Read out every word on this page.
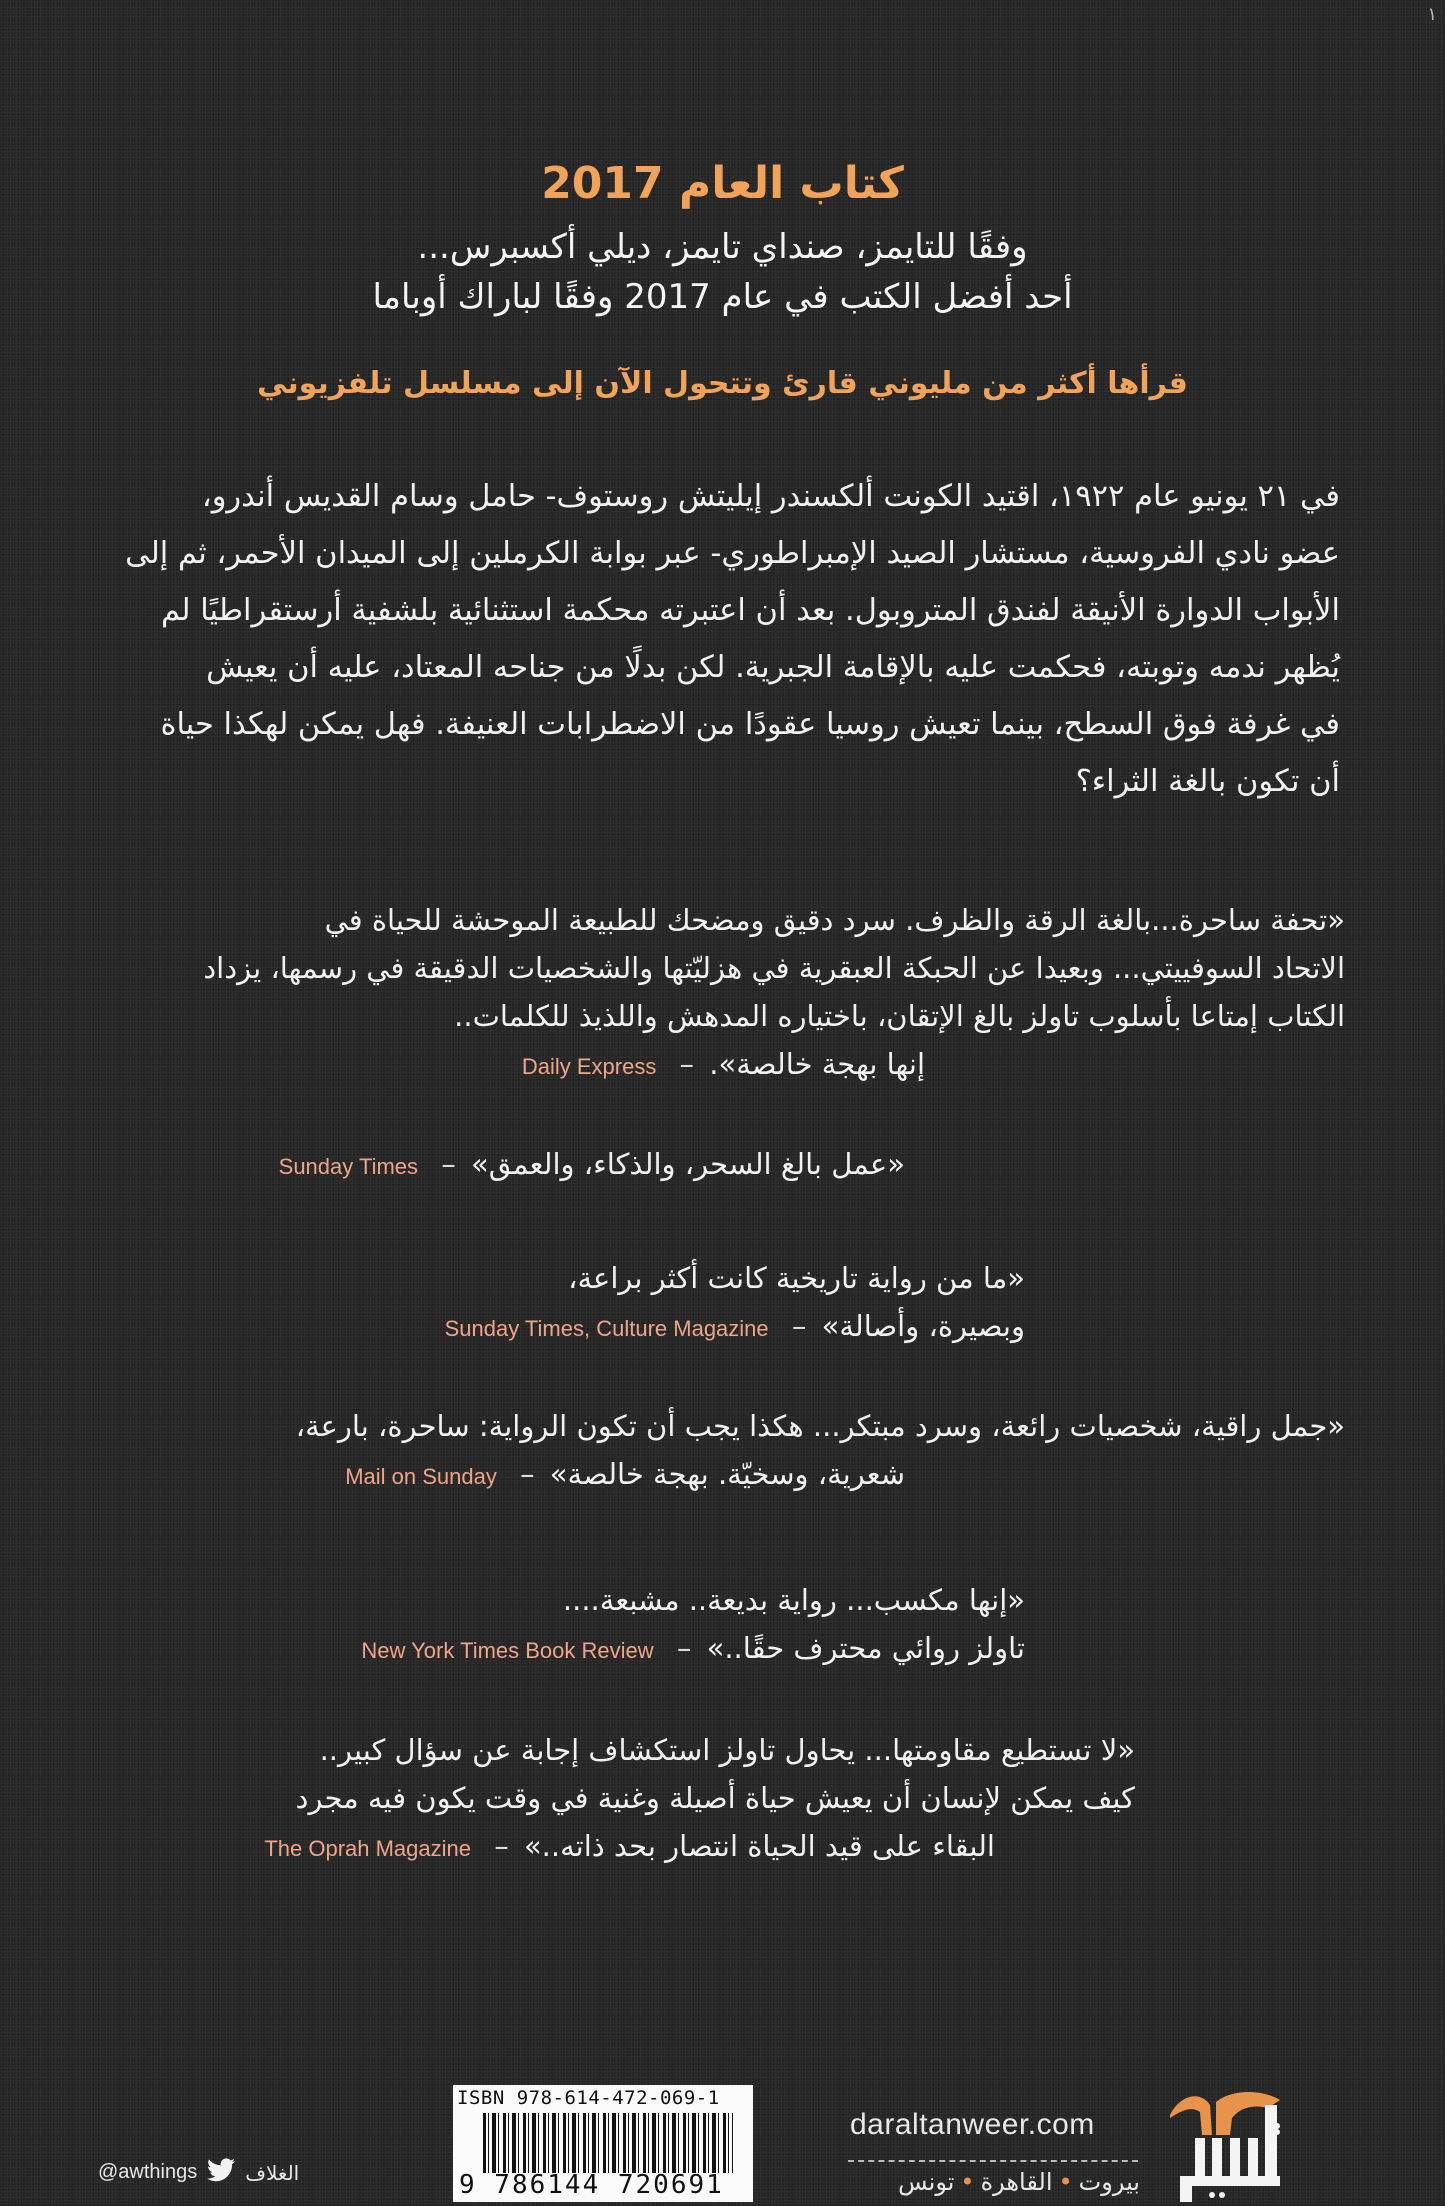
١
كتاب العام 2017
وفقًا للتايمز، صنداي تايمز، ديلي أكسبرس...
أحد أفضل الكتب في عام 2017 وفقًا لباراك أوباما
قرأها أكثر من مليوني قارئ وتتحول الآن إلى مسلسل تلفزيوني
في ٢١ يونيو عام ١٩٢٢، اقتيد الكونت ألكسندر إيليتش روستوف- حامل وسام القديس أندرو،
عضو نادي الفروسية، مستشار الصيد الإمبراطوري- عبر بوابة الكرملين إلى الميدان الأحمر، ثم إلى
الأبواب الدوارة الأنيقة لفندق المتروبول. بعد أن اعتبرته محكمة استثنائية بلشفية أرستقراطيًا لم
يُظهر ندمه وتوبته، فحكمت عليه بالإقامة الجبرية. لكن بدلًا من جناحه المعتاد، عليه أن يعيش
في غرفة فوق السطح، بينما تعيش روسيا عقودًا من الاضطرابات العنيفة. فهل يمكن لهكذا حياة
أن تكون بالغة الثراء؟
«تحفة ساحرة...بالغة الرقة والظرف. سرد دقيق ومضحك للطبيعة الموحشة للحياة في
الاتحاد السوفييتي... وبعيدا عن الحبكة العبقرية في هزليّتها والشخصيات الدقيقة في رسمها، يزداد
الكتاب إمتاعا بأسلوب تاولز بالغ الإتقان، باختياره المدهش واللذيذ للكلمات..
إنها بهجة خالصة». – Daily Express
«عمل بالغ السحر، والذكاء، والعمق» – Sunday Times
«ما من رواية تاريخية كانت أكثر براعة،
وبصيرة، وأصالة» – Sunday Times, Culture Magazine
«جمل راقية، شخصيات رائعة، وسرد مبتكر... هكذا يجب أن تكون الرواية: ساحرة، بارعة،
شعرية، وسخيّة. بهجة خالصة» – Mail on Sunday
«إنها مكسب... رواية بديعة.. مشبعة....
تاولز روائي محترف حقًا..» – New York Times Book Review
«لا تستطيع مقاومتها... يحاول تاولز استكشاف إجابة عن سؤال كبير..
كيف يمكن لإنسان أن يعيش حياة أصيلة وغنية في وقت يكون فيه مجرد
البقاء على قيد الحياة انتصار بحد ذاته..» – The Oprah Magazine
@awthings الغلاف
ISBN 978-614-472-069-1
9 786144 720691
daraltanweer.com
بيروت•القاهرة•تونس
